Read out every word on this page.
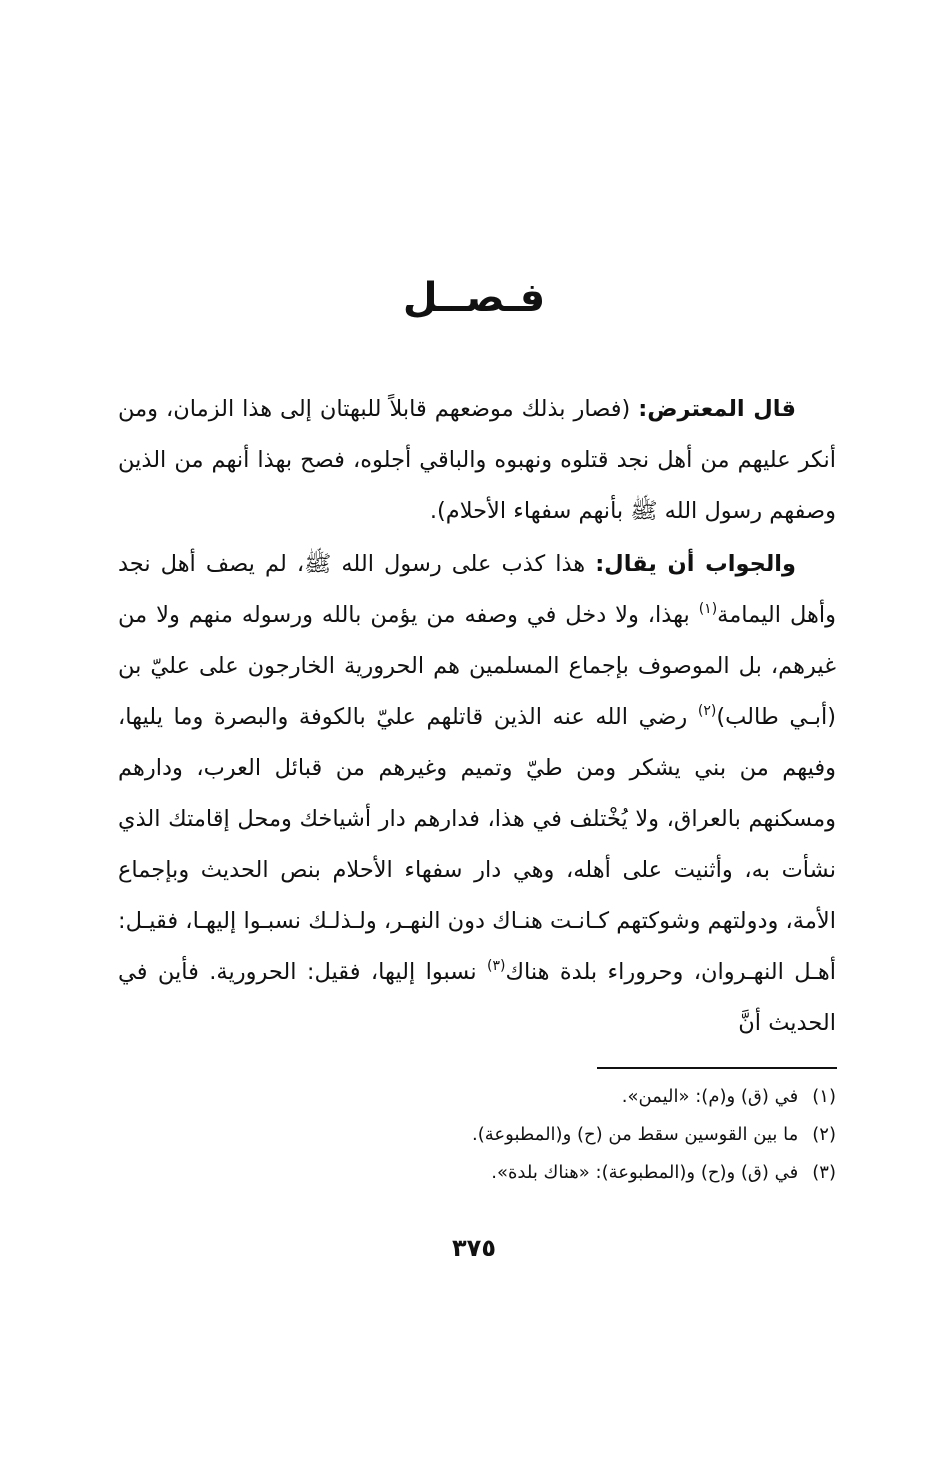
فـصــل

قال المعترض: (فصار بذلك موضعهم قابلاً للبهتان إلى هذا الزمان، ومن أنكر عليهم من أهل نجد قتلوه ونهبوه والباقي أجلوه، فصح بهذا أنهم من الذين وصفهم رسول الله ﷺ بأنهم سفهاء الأحلام).

والجواب أن يقال: هذا كذب على رسول الله ﷺ، لم يصف أهل نجد وأهل اليمامة$^{(١)}$ بهذا، ولا دخل في وصفه من يؤمن بالله ورسوله منهم ولا من غيرهم، بل الموصوف بإجماع المسلمين هم الحرورية الخارجون على عليّ بن (أبـي طالب)$^{(٢)}$ رضي الله عنه الذين قاتلهم عليّ بالكوفة والبصرة وما يليها، وفيهم من بني يشكر ومن طيّ وتميم وغيرهم من قبائل العرب، ودارهم ومسكنهم بالعراق، ولا يُخْتلف في هذا، فدارهم دار أشياخك ومحل إقامتك الذي نشأت به، وأثنيت على أهله، وهي دار سفهاء الأحلام بنص الحديث وبإجماع الأمة، ودولتهم وشوكتهم كـانـت هنـاك دون النهـر، ولـذلـك نسبـوا إليهـا، فقيـل: أهـل النهـروان، وحروراء بلدة هناك$^{(٣)}$ نسبوا إليها، فقيل: الحرورية. فأين في الحديث أنَّ

(١)
في (ق) و(م): «اليمن».
(٢)
ما بين القوسين سقط من (ح) و(المطبوعة).
(٣)
في (ق) و(ح) و(المطبوعة): «هناك بلدة».
٣٧٥
